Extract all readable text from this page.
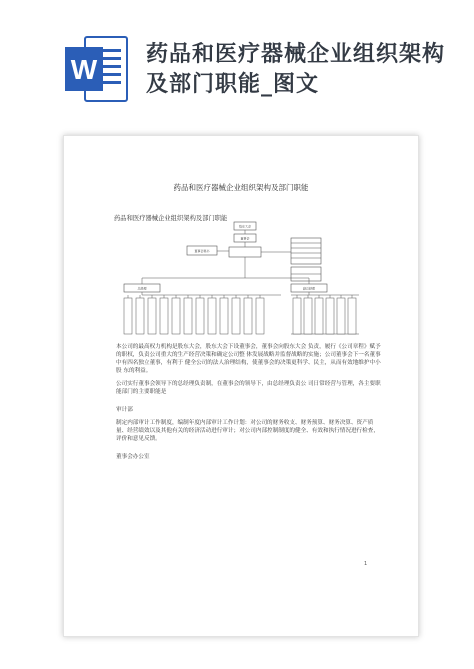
W 药品和医疗器械企业组织架构
及部门职能_图文
药品和医疗器械企业组织架构及部门职能
药品和医疗器械企业组织架构及部门职能
股东大会
董事会
董事会秘书
总经理	副总经理

本公司的最高权力机构是股东大会，股东大会下设董事会，董事会向股东大会 负责，履行《公司章程》赋予的职权，负责公司重大的生产经营决策和确定公司整 体发展战略并监督战略的实施；公司董事会下一名董事中有四名独立董事，有利于 健全公司的法人治理结构，使董事会的决策更科学、民主，从而有效地维护中小股 东的利益。

公司实行董事会领导下的总经理负责制，在董事会的领导下，由总经理负责公 司日常经营与管理，各主要职能部门的主要职能是

审计部

制定内部审计工作制度，编制年度内部审计工作计划：对公司的财务收支、财务预算、财务决算、资产质量、经营绩效以及其他有关的经济活动进行审计；对公司内部控制制度的健全、有效和执行情况进行检查，评价和意见反馈。

董事会办公室

1
